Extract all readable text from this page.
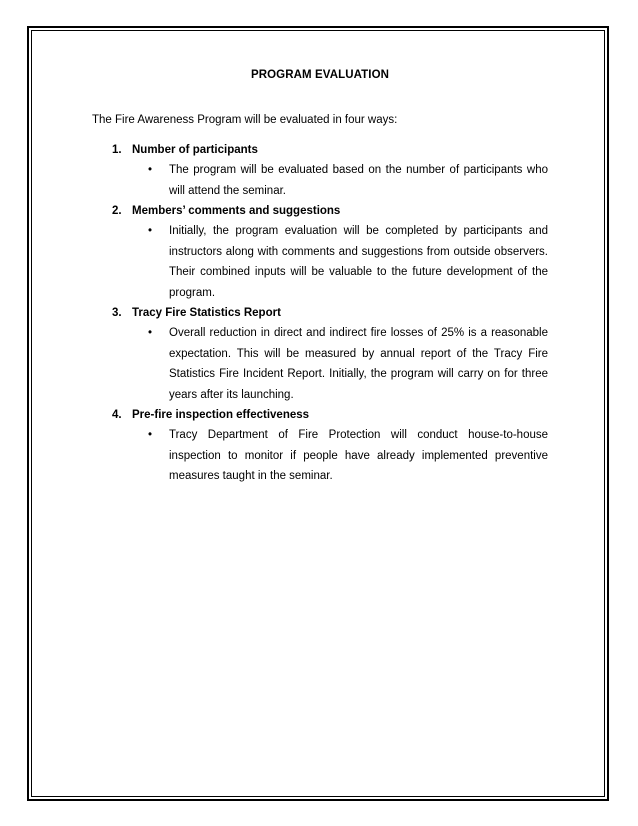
PROGRAM EVALUATION
The Fire Awareness Program will be evaluated in four ways:
1. Number of participants
• The program will be evaluated based on the number of participants who will attend the seminar.

2. Members’ comments and suggestions
• Initially, the program evaluation will be completed by participants and instructors along with comments and suggestions from outside observers. Their combined inputs will be valuable to the future development of the program.

3. Tracy Fire Statistics Report
• Overall reduction in direct and indirect fire losses of 25% is a reasonable expectation. This will be measured by annual report of the Tracy Fire Statistics Fire Incident Report. Initially, the program will carry on for three years after its launching.

4. Pre-fire inspection effectiveness
• Tracy Department of Fire Protection will conduct house-to-house inspection to monitor if people have already implemented preventive measures taught in the seminar.
